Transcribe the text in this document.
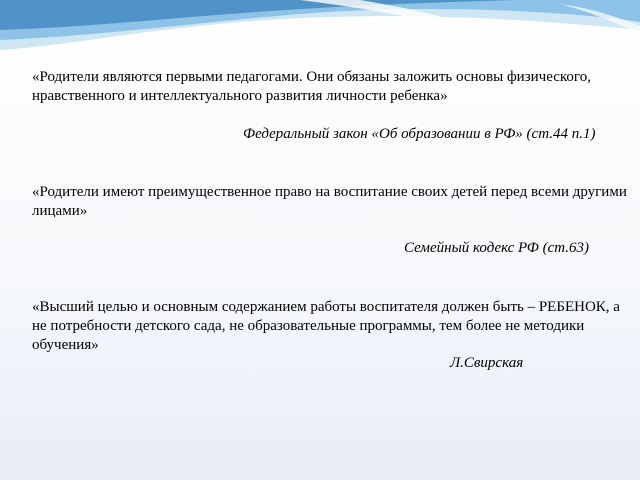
«Родители являются первыми педагогами. Они обязаны заложить основы физического, нравственного и интеллектуального развития личности ребенка»

Федеральный закон «Об образовании в РФ» (ст.44 п.1)

«Родители имеют преимущественное право на воспитание своих детей перед всеми другими лицами»

Семейный кодекс РФ (ст.63)

«Высший целью и основным содержанием работы воспитателя должен быть – РЕБЕНОК, а не потребности детского сада, не образовательные программы, тем более не методики обучения»

Л.Свирская
